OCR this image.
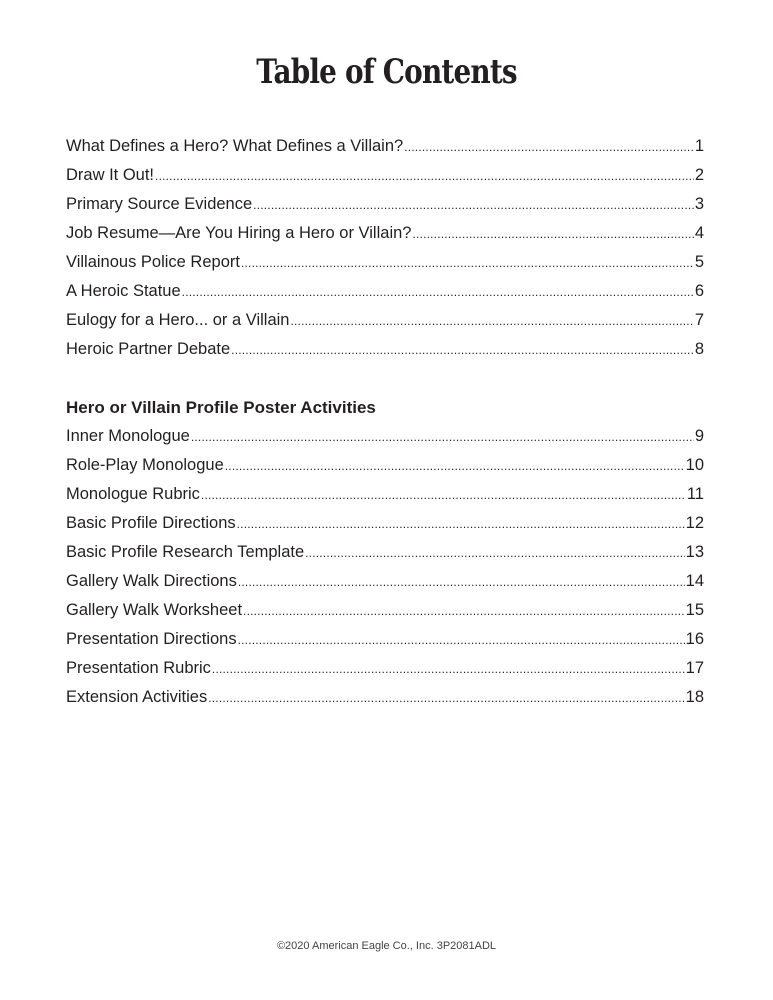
Table of Contents
What Defines a Hero? What Defines a Villain? .....	1
Draw It Out! .....	2
Primary Source Evidence .....	3
Job Resume—Are You Hiring a Hero or Villain? .....	4
Villainous Police Report .....	5
A Heroic Statue .....	6
Eulogy for a Hero... or a Villain .....	7
Heroic Partner Debate .....	8
Hero or Villain Profile Poster Activities
Inner Monologue .....	9
Role-Play Monologue .....	10
Monologue Rubric .....	11
Basic Profile Directions .....	12
Basic Profile Research Template .....	13
Gallery Walk Directions .....	14
Gallery Walk Worksheet .....	15
Presentation Directions .....	16
Presentation Rubric .....	17
Extension Activities .....	18
©2020 American Eagle Co., Inc. 3P2081ADL
